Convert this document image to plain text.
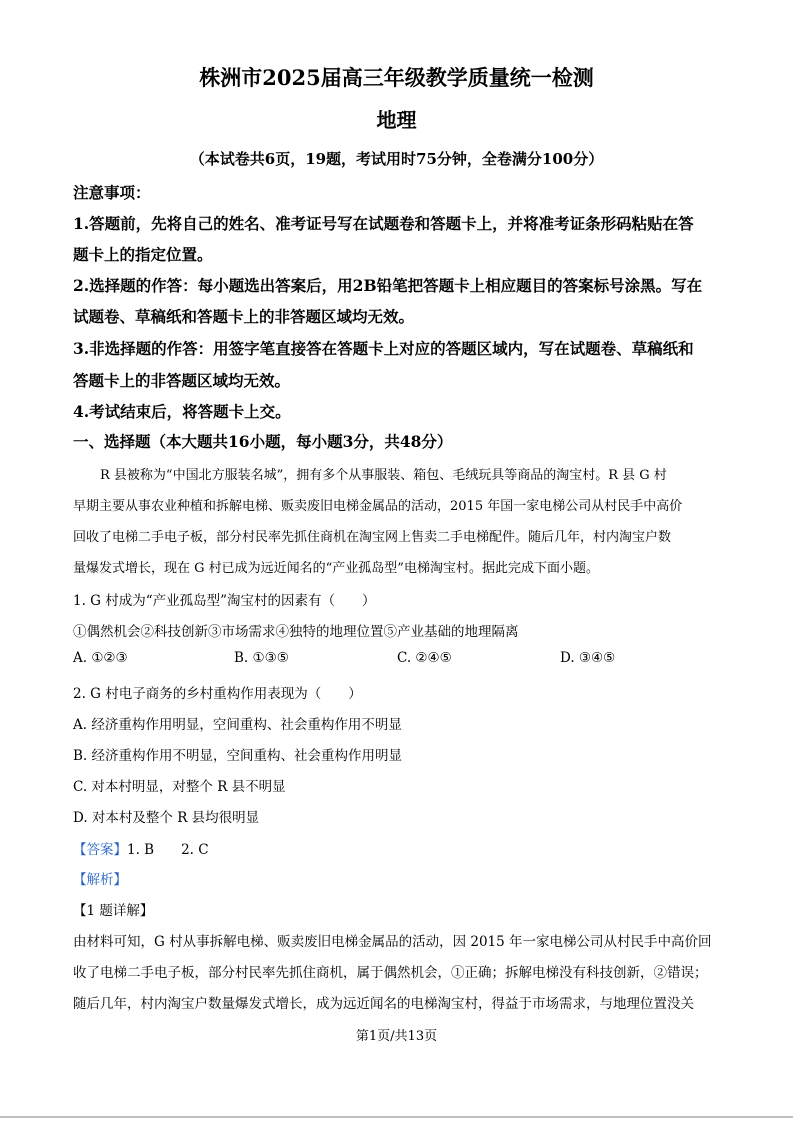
株洲市2025届高三年级教学质量统一检测
地理
（本试卷共6页，19题，考试用时75分钟，全卷满分100分）
注意事项：
1.答题前，先将自己的姓名、准考证号写在试题卷和答题卡上，并将准考证条形码粘贴在答
题卡上的指定位置。
2.选择题的作答：每小题选出答案后，用2B铅笔把答题卡上相应题目的答案标号涂黑。写在
试题卷、草稿纸和答题卡上的非答题区域均无效。
3.非选择题的作答：用签字笔直接答在答题卡上对应的答题区域内，写在试题卷、草稿纸和
答题卡上的非答题区域均无效。
4.考试结束后，将答题卡上交。
一、选择题（本大题共16小题，每小题3分，共48分）
R 县被称为“中国北方服装名城”，拥有多个从事服装、箱包、毛绒玩具等商品的淘宝村。R 县 G 村
早期主要从事农业种植和拆解电梯、贩卖废旧电梯金属品的活动，2015 年国一家电梯公司从村民手中高价
回收了电梯二手电子板，部分村民率先抓住商机在淘宝网上售卖二手电梯配件。随后几年，村内淘宝户数
量爆发式增长，现在 G 村已成为远近闻名的“产业孤岛型”电梯淘宝村。据此完成下面小题。
1. G 村成为“产业孤岛型”淘宝村的因素有（　　）
①偶然机会②科技创新③市场需求④独特的地理位置⑤产业基础的地理隔离
A. ①②③	B. ①③⑤	C. ②④⑤	D. ③④⑤
2. G 村电子商务的乡村重构作用表现为（　　）
A. 经济重构作用明显，空间重构、社会重构作用不明显
B. 经济重构作用不明显，空间重构、社会重构作用明显
C. 对本村明显，对整个 R 县不明显
D. 对本村及整个 R 县均很明显
【答案】1. B　　2. C
【解析】
【1 题详解】
由材料可知，G 村从事拆解电梯、贩卖废旧电梯金属品的活动，因 2015 年一家电梯公司从村民手中高价回
收了电梯二手电子板，部分村民率先抓住商机，属于偶然机会，①正确；拆解电梯没有科技创新，②错误；
随后几年，村内淘宝户数量爆发式增长，成为远近闻名的电梯淘宝村，得益于市场需求，与地理位置没关
第1页/共13页
